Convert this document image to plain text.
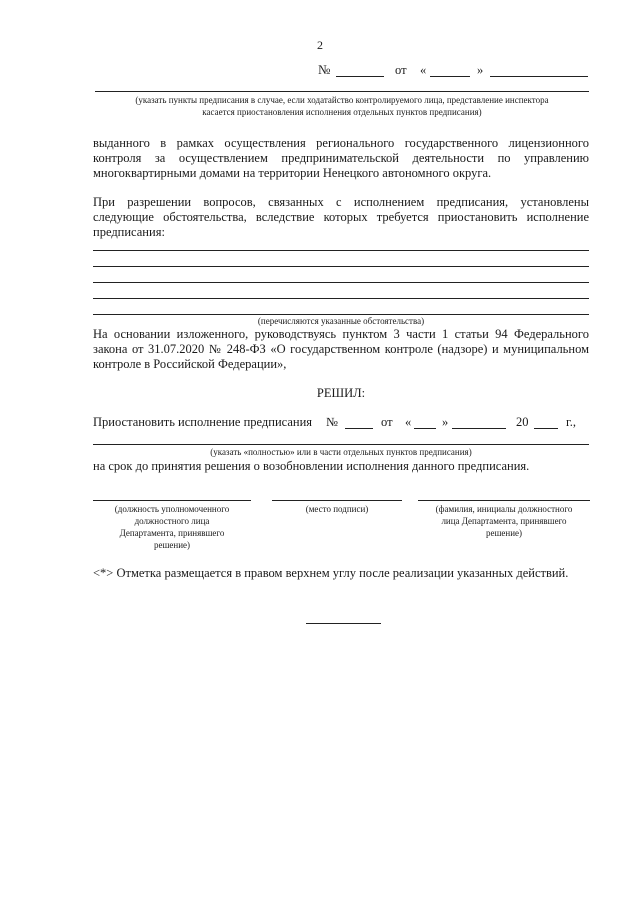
2
№	от «	»
(указать пункты предписания в случае, если ходатайство контролируемого лица, представление инспектора
касается приостановления исполнения отдельных пунктов предписания)
выданного в рамках осуществления регионального государственного лицензионного
контроля за осуществлением предпринимательской деятельности по управлению
многоквартирными домами на территории Ненецкого автономного округа.
При разрешении вопросов, связанных с исполнением предписания, установлены
следующие обстоятельства, вследствие которых требуется приостановить исполнение
предписания:
(перечисляются указанные обстоятельства)
На основании изложенного, руководствуясь пунктом 3 части 1 статьи 94 Федерального
закона от 31.07.2020 № 248-ФЗ «О государственном контроле (надзоре) и муниципальном
контроле в Российской Федерации»,
РЕШИЛ:
Приостановить исполнение предписания №	от « »	20	г.,
(указать «полностью» или в части отдельных пунктов предписания)
на срок до принятия решения о возобновлении исполнения данного предписания.
(должность уполномоченного
должностного лица
Департамента, принявшего
решение)
(место подписи)	(фамилия, инициалы должностного
лица Департамента, принявшего
решение)
<*> Отметка размещается в правом верхнем углу после реализации указанных действий.
